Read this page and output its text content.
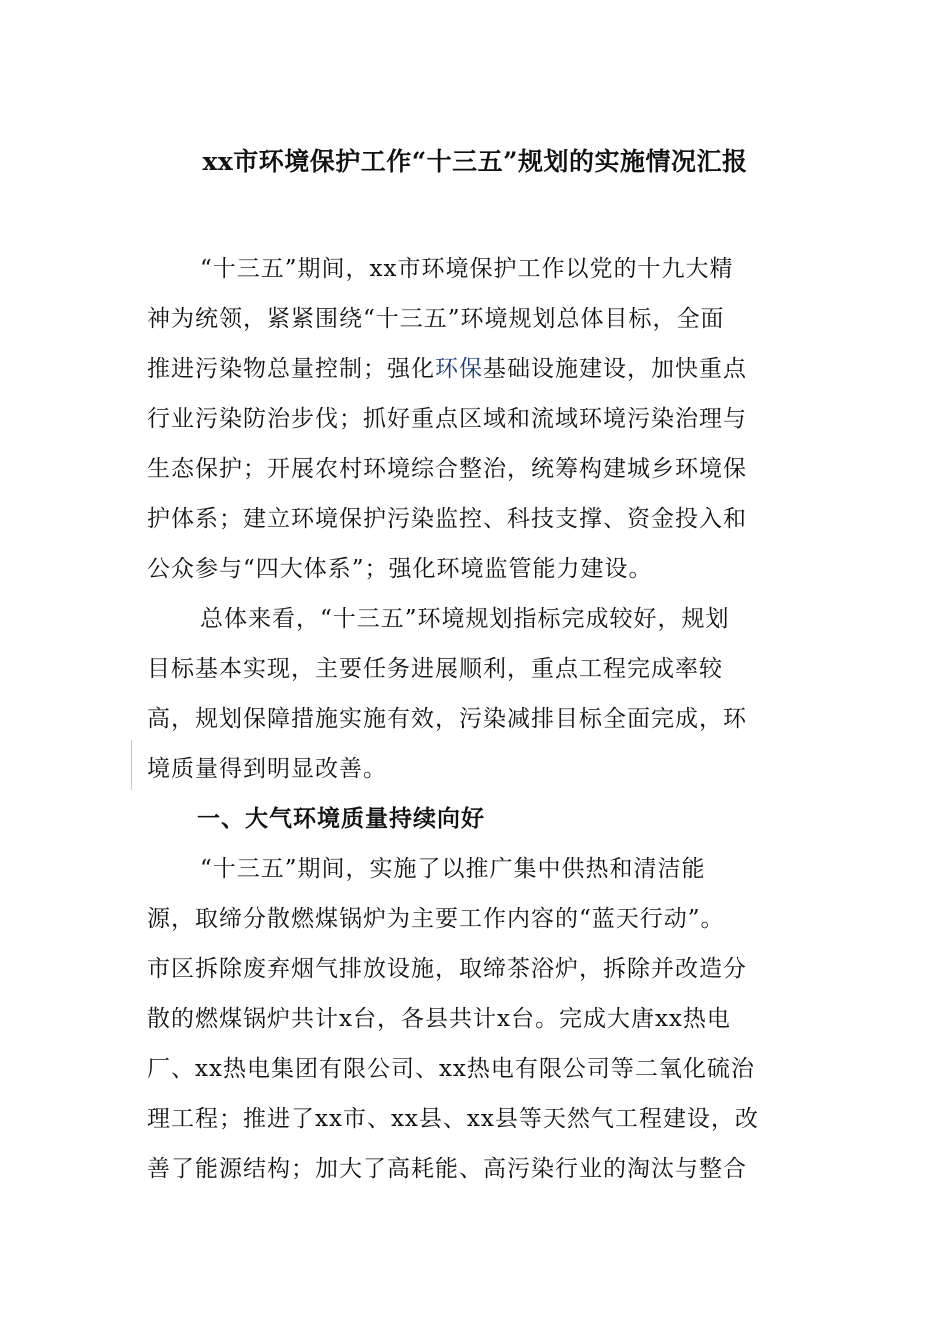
xx市环境保护工作“十三五”规划的实施情况汇报
“十三五”期间，xx市环境保护工作以党的十九大精
神为统领，紧紧围绕“十三五”环境规划总体目标，全面
推进污染物总量控制；强化环保基础设施建设，加快重点
行业污染防治步伐；抓好重点区域和流域环境污染治理与
生态保护；开展农村环境综合整治，统筹构建城乡环境保
护体系；建立环境保护污染监控、科技支撑、资金投入和
公众参与“四大体系”；强化环境监管能力建设。
总体来看，“十三五”环境规划指标完成较好，规划
目标基本实现，主要任务进展顺利，重点工程完成率较
高，规划保障措施实施有效，污染减排目标全面完成，环
境质量得到明显改善。
一、大气环境质量持续向好
“十三五”期间，实施了以推广集中供热和清洁能
源，取缔分散燃煤锅炉为主要工作内容的“蓝天行动”。
市区拆除废弃烟气排放设施，取缔茶浴炉，拆除并改造分
散的燃煤锅炉共计x台，各县共计x台。完成大唐xx热电
厂、xx热电集团有限公司、xx热电有限公司等二氧化硫治
理工程；推进了xx市、xx县、xx县等天然气工程建设，改
善了能源结构；加大了高耗能、高污染行业的淘汰与整合
